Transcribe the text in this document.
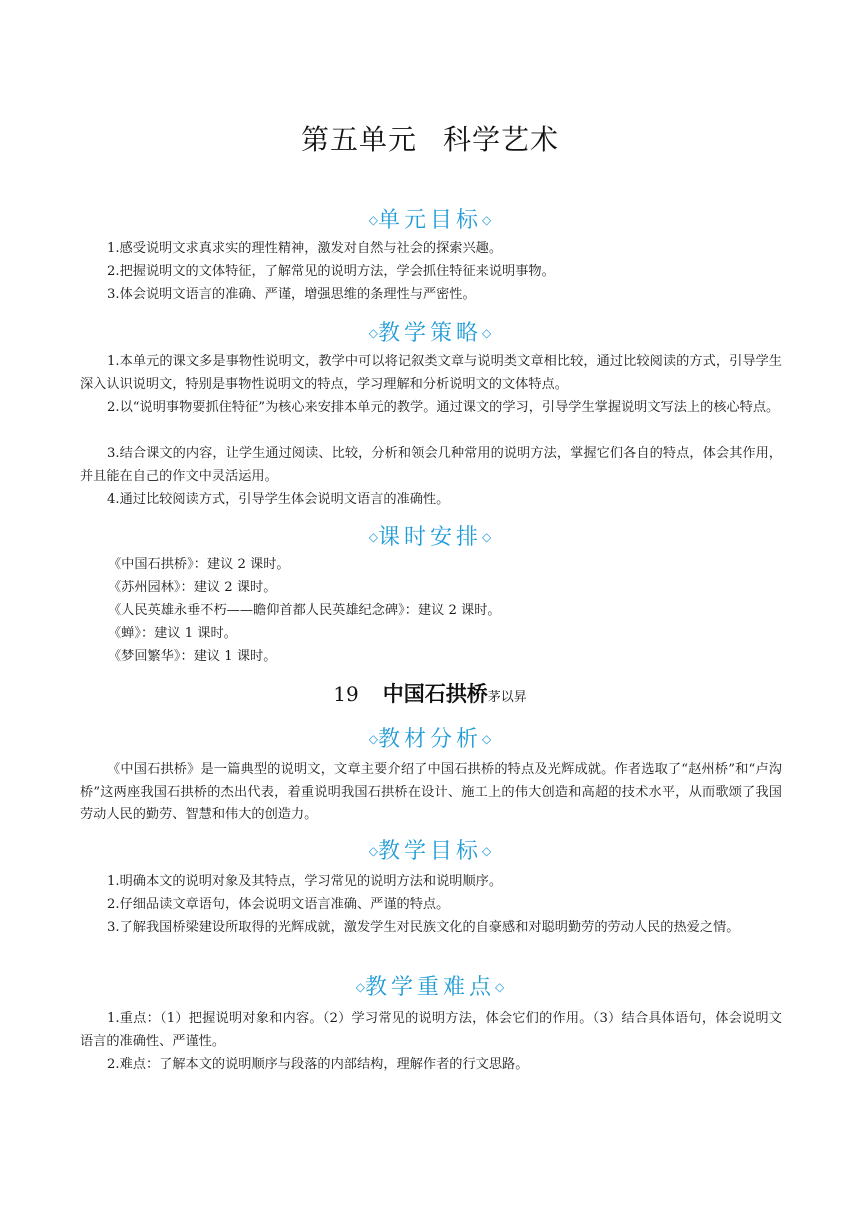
第五单元 科学艺术
◇单元目标◇

1.感受说明文求真求实的理性精神，激发对自然与社会的探索兴趣。

2.把握说明文的文体特征，了解常见的说明方法，学会抓住特征来说明事物。

3.体会说明文语言的准确、严谨，增强思维的条理性与严密性。

◇教学策略◇

1.本单元的课文多是事物性说明文，教学中可以将记叙类文章与说明类文章相比较，通过比较阅读的方式，引导学生深入认识说明文，特别是事物性说明文的特点，学习理解和分析说明文的文体特点。

2.以“说明事物要抓住特征”为核心来安排本单元的教学。通过课文的学习，引导学生掌握说明文写法上的核心特点。

3.结合课文的内容，让学生通过阅读、比较，分析和领会几种常用的说明方法，掌握它们各自的特点，体会其作用，并且能在自己的作文中灵活运用。

4.通过比较阅读方式，引导学生体会说明文语言的准确性。

◇课时安排◇

《中国石拱桥》：建议 2 课时。

《苏州园林》：建议 2 课时。

《人民英雄永垂不朽——瞻仰首都人民英雄纪念碑》：建议 2 课时。

《蝉》：建议 1 课时。

《梦回繁华》：建议 1 课时。

19 中国石拱桥茅以昇
◇教材分析◇

《中国石拱桥》是一篇典型的说明文，文章主要介绍了中国石拱桥的特点及光辉成就。作者选取了“赵州桥”和“卢沟桥”这两座我国石拱桥的杰出代表，着重说明我国石拱桥在设计、施工上的伟大创造和高超的技术水平，从而歌颂了我国劳动人民的勤劳、智慧和伟大的创造力。

◇教学目标◇

1.明确本文的说明对象及其特点，学习常见的说明方法和说明顺序。

2.仔细品读文章语句，体会说明文语言准确、严谨的特点。

3.了解我国桥梁建设所取得的光辉成就，激发学生对民族文化的自豪感和对聪明勤劳的劳动人民的热爱之情。

◇教学重难点◇

1.重点：（1）把握说明对象和内容。（2）学习常见的说明方法，体会它们的作用。（3）结合具体语句，体会说明文语言的准确性、严谨性。

2.难点：了解本文的说明顺序与段落的内部结构，理解作者的行文思路。
